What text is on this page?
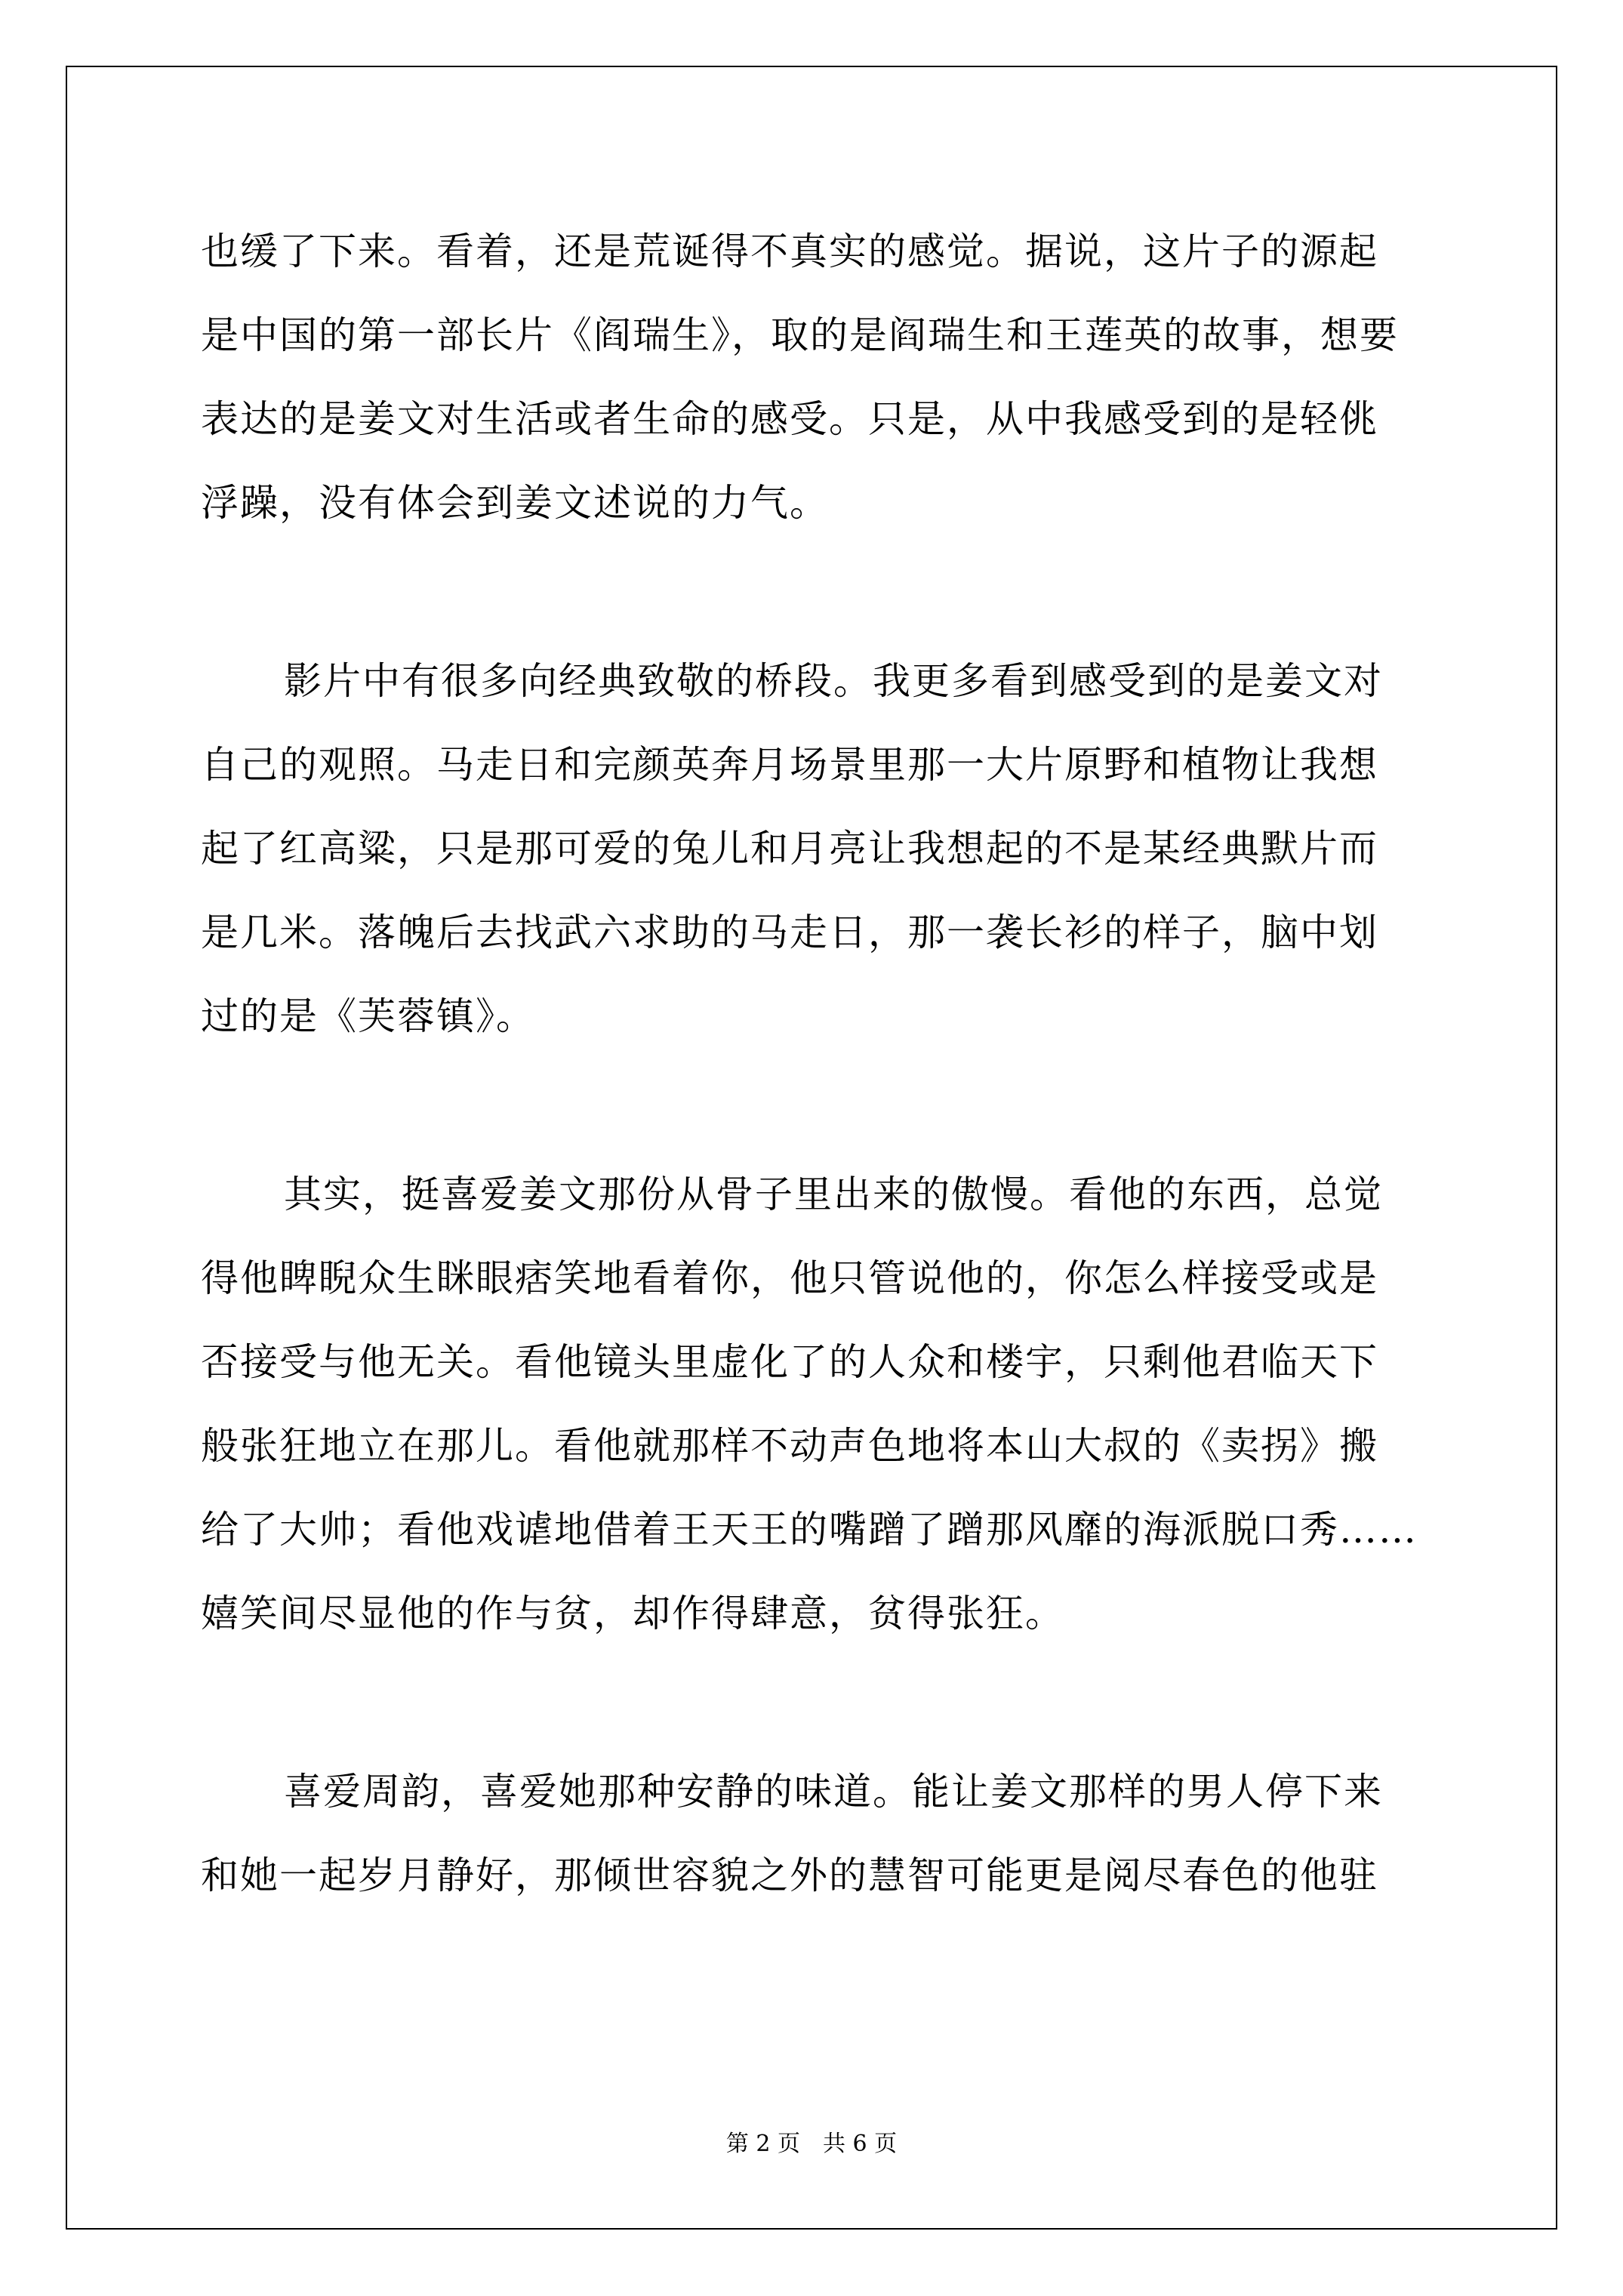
也缓了下来。看着，还是荒诞得不真实的感觉。据说，这片子的源起
是中国的第一部长片《阎瑞生》，取的是阎瑞生和王莲英的故事，想要
表达的是姜文对生活或者生命的感受。只是，从中我感受到的是轻佻
浮躁，没有体会到姜文述说的力气。
影片中有很多向经典致敬的桥段。我更多看到感受到的是姜文对
自己的观照。马走日和完颜英奔月场景里那一大片原野和植物让我想
起了红高粱，只是那可爱的兔儿和月亮让我想起的不是某经典默片而
是几米。落魄后去找武六求助的马走日，那一袭长衫的样子，脑中划
过的是《芙蓉镇》。
其实，挺喜爱姜文那份从骨子里出来的傲慢。看他的东西，总觉
得他睥睨众生眯眼痞笑地看着你，他只管说他的，你怎么样接受或是
否接受与他无关。看他镜头里虚化了的人众和楼宇，只剩他君临天下
般张狂地立在那儿。看他就那样不动声色地将本山大叔的《卖拐》搬
给了大帅；看他戏谑地借着王天王的嘴蹭了蹭那风靡的海派脱口秀……
嬉笑间尽显他的作与贫，却作得肆意，贫得张狂。
喜爱周韵，喜爱她那种安静的味道。能让姜文那样的男人停下来
和她一起岁月静好，那倾世容貌之外的慧智可能更是阅尽春色的他驻
第 2 页　共 6 页
